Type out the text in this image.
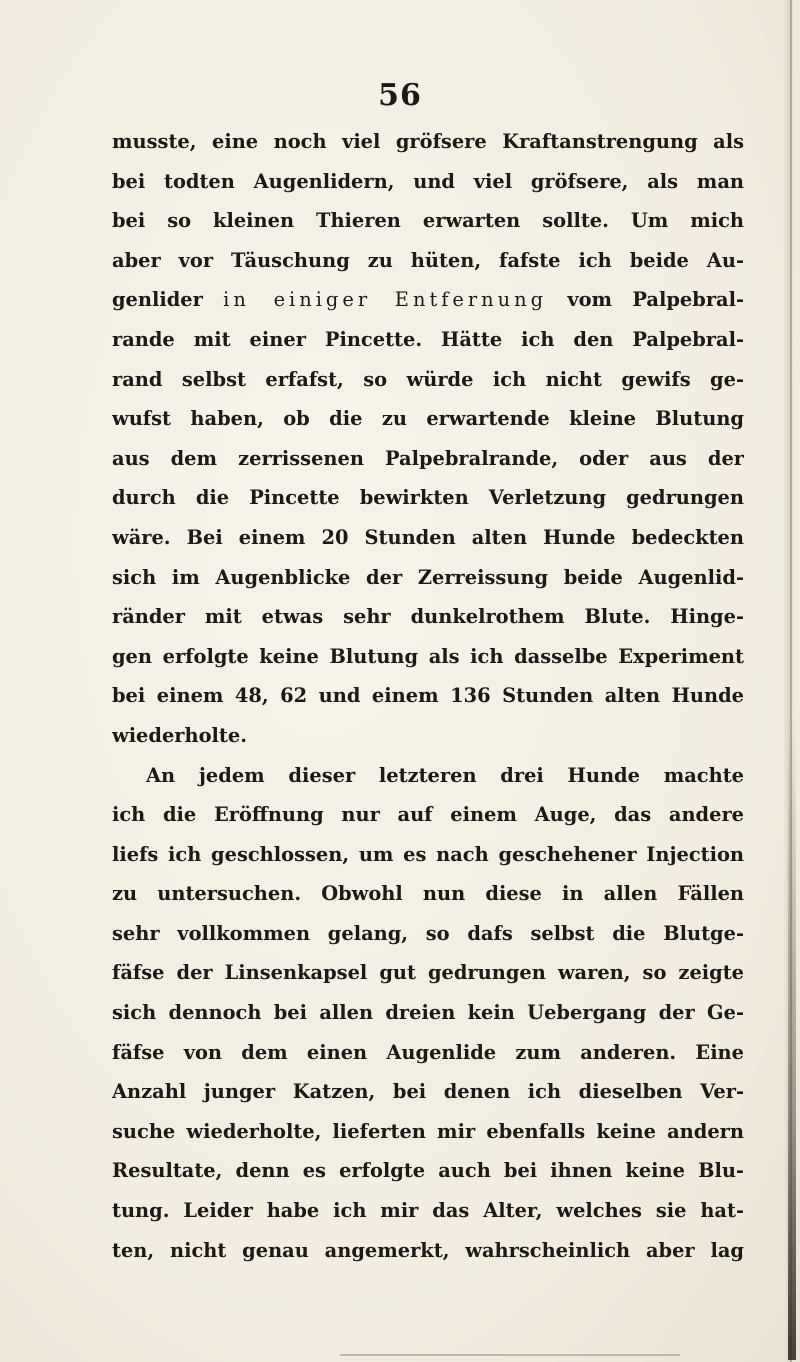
56
musste, eine noch viel gröfsere Kraftanstrengung als
bei todten Augenlidern, und viel gröfsere, als man
bei so kleinen Thieren erwarten sollte. Um mich
aber vor Täuschung zu hüten, fafste ich beide Au-
genlider in einiger Entfernung vom Palpebral-
rande mit einer Pincette. Hätte ich den Palpebral-
rand selbst erfafst, so würde ich nicht gewifs ge-
wufst haben, ob die zu erwartende kleine Blutung
aus dem zerrissenen Palpebralrande, oder aus der
durch die Pincette bewirkten Verletzung gedrungen
wäre. Bei einem 20 Stunden alten Hunde bedeckten
sich im Augenblicke der Zerreissung beide Augenlid-
ränder mit etwas sehr dunkelrothem Blute. Hinge-
gen erfolgte keine Blutung als ich dasselbe Experiment
bei einem 48, 62 und einem 136 Stunden alten Hunde
wiederholte.
An jedem dieser letzteren drei Hunde machte
ich die Eröffnung nur auf einem Auge, das andere
liefs ich geschlossen, um es nach geschehener Injection
zu untersuchen. Obwohl nun diese in allen Fällen
sehr vollkommen gelang, so dafs selbst die Blutge-
fäfse der Linsenkapsel gut gedrungen waren, so zeigte
sich dennoch bei allen dreien kein Uebergang der Ge-
fäfse von dem einen Augenlide zum anderen. Eine
Anzahl junger Katzen, bei denen ich dieselben Ver-
suche wiederholte, lieferten mir ebenfalls keine andern
Resultate, denn es erfolgte auch bei ihnen keine Blu-
tung. Leider habe ich mir das Alter, welches sie hat-
ten, nicht genau angemerkt, wahrscheinlich aber lag
